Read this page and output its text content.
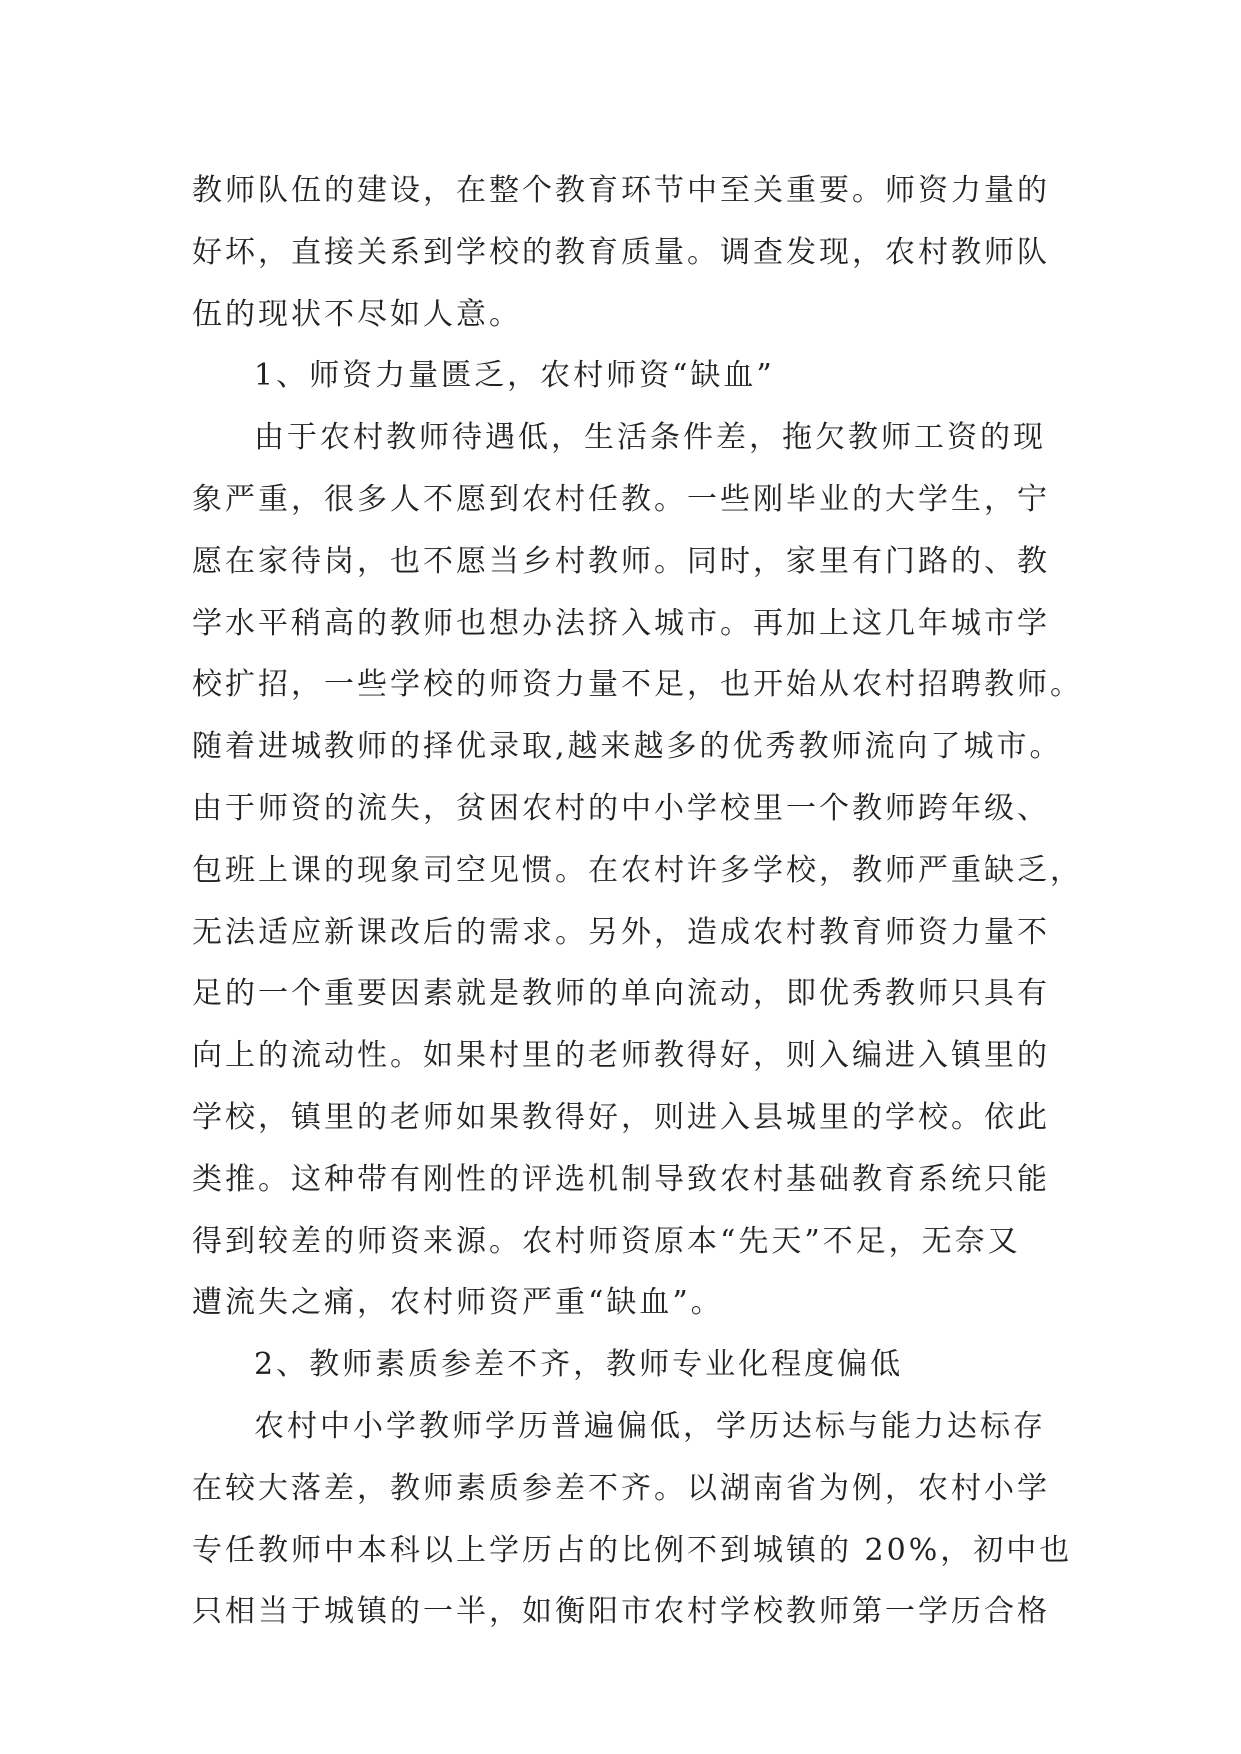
教师队伍的建设，在整个教育环节中至关重要。师资力量的
好坏，直接关系到学校的教育质量。调查发现，农村教师队
伍的现状不尽如人意。
1、师资力量匮乏，农村师资“缺血”
由于农村教师待遇低，生活条件差，拖欠教师工资的现
象严重，很多人不愿到农村任教。一些刚毕业的大学生，宁
愿在家待岗，也不愿当乡村教师。同时，家里有门路的、教
学水平稍高的教师也想办法挤入城市。再加上这几年城市学
校扩招，一些学校的师资力量不足，也开始从农村招聘教师。
随着进城教师的择优录取,越来越多的优秀教师流向了城市。
由于师资的流失，贫困农村的中小学校里一个教师跨年级、
包班上课的现象司空见惯。在农村许多学校，教师严重缺乏，
无法适应新课改后的需求。另外，造成农村教育师资力量不
足的一个重要因素就是教师的单向流动，即优秀教师只具有
向上的流动性。如果村里的老师教得好，则入编进入镇里的
学校，镇里的老师如果教得好，则进入县城里的学校。依此
类推。这种带有刚性的评选机制导致农村基础教育系统只能
得到较差的师资来源。农村师资原本“先天”不足，无奈又
遭流失之痛，农村师资严重“缺血”。
2、教师素质参差不齐，教师专业化程度偏低
农村中小学教师学历普遍偏低，学历达标与能力达标存
在较大落差，教师素质参差不齐。以湖南省为例，农村小学
专任教师中本科以上学历占的比例不到城镇的 20%，初中也
只相当于城镇的一半，如衡阳市农村学校教师第一学历合格
